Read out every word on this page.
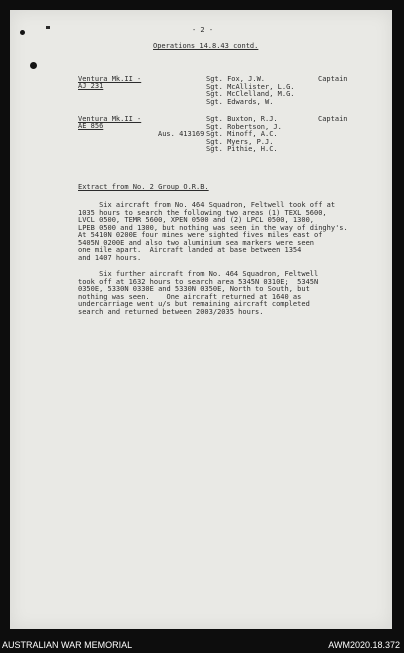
- 2 -
Operations 14.8.43 contd.
Ventura Mk.II -
AJ 231
Sgt. Fox, J.W.
Sgt. McAllister, L.G.
Sgt. McClelland, M.G.
Sgt. Edwards, W.
Captain
Ventura Mk.II -
AE 856
Aus. 413169
Sgt. Buxton, R.J.
Sgt. Robertson, J.
Sgt. Minoff, A.C.
Sgt. Myers, P.J.
Sgt. Pithie, H.C.
Captain
Extract from No. 2 Group O.R.B.
Six aircraft from No. 464 Squadron, Feltwell took off at
1035 hours to search the following two areas (1) TEXL 5600,
LVCL 0500, TEMR 5600, XPEN 0500 and (2) LPCL 0500, 1300,
LPEB 0500 and 1300, but nothing was seen in the way of dinghy's.
At 5410N 0200E four mines were sighted fives miles east of
5405N 0200E and also two aluminium sea markers were seen
one mile apart.  Aircraft landed at base between 1354
and 1407 hours.
Six further aircraft from No. 464 Squadron, Feltwell
took off at 1632 hours to search area 5345N 0310E;  5345N
0350E, 5330N 0330E and 5330N 0350E, North to South, but
nothing was seen.    One aircraft returned at 1640 as
undercarriage went u/s but remaining aircraft completed
search and returned between 2003/2035 hours.
AUSTRALIAN WAR MEMORIAL	AWM2020.18.372
